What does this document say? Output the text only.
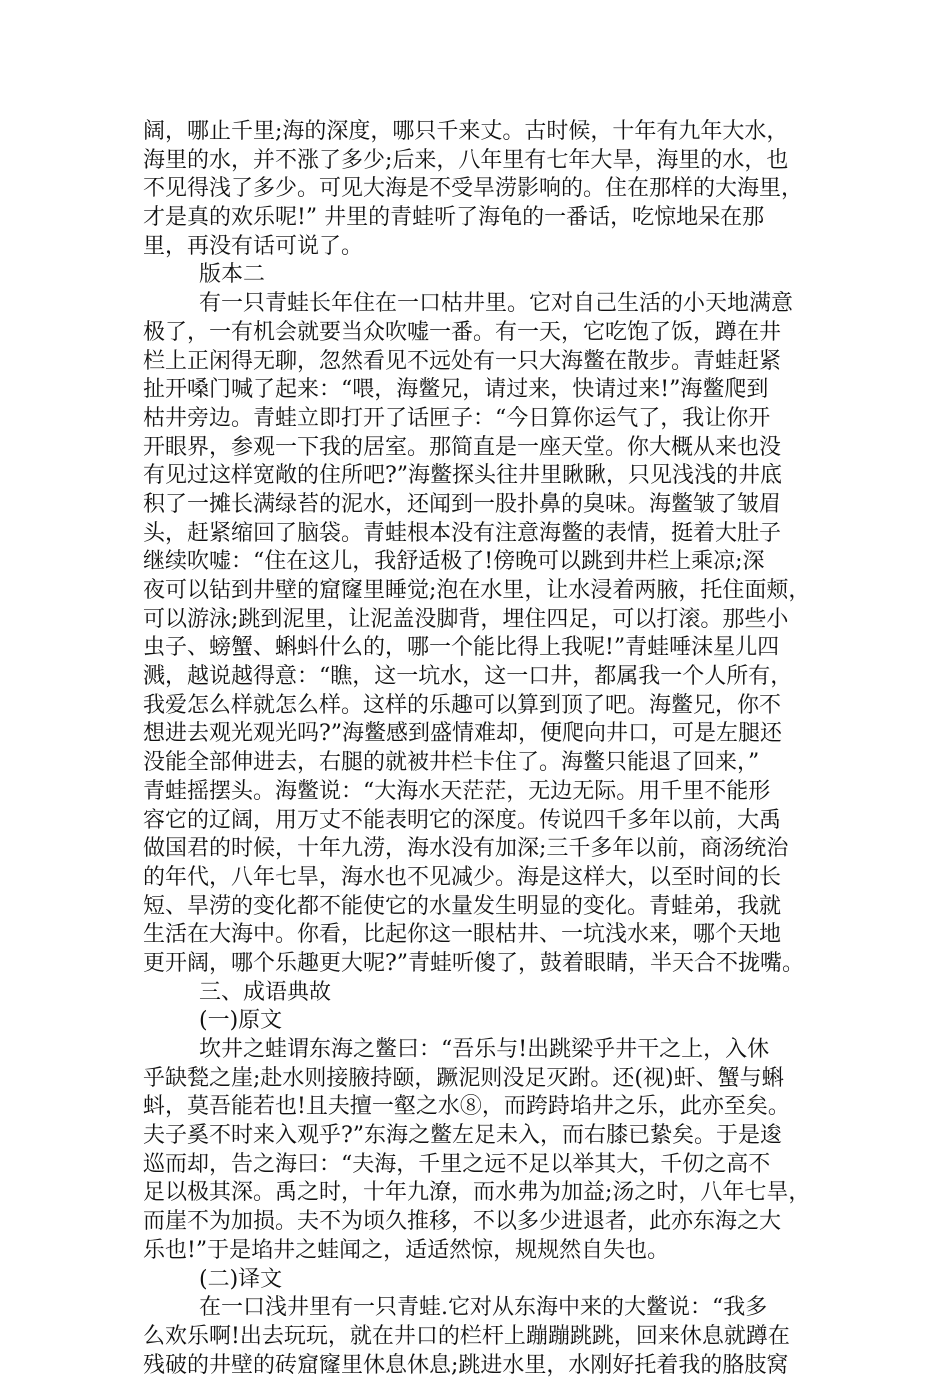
阔，哪止千里;海的深度，哪只千来丈。古时候，十年有九年大水，
海里的水，并不涨了多少;后来，八年里有七年大旱，海里的水，也
不见得浅了多少。可见大海是不受旱涝影响的。住在那样的大海里，
才是真的欢乐呢!” 井里的青蛙听了海龟的一番话，吃惊地呆在那
里，再没有话可说了。
版本二
有一只青蛙长年住在一口枯井里。它对自己生活的小天地满意
极了，一有机会就要当众吹嘘一番。有一天，它吃饱了饭，蹲在井
栏上正闲得无聊，忽然看见不远处有一只大海鳖在散步。青蛙赶紧
扯开嗓门喊了起来：“喂，海鳖兄，请过来，快请过来!”海鳖爬到
枯井旁边。青蛙立即打开了话匣子：“今日算你运气了，我让你开
开眼界，参观一下我的居室。那简直是一座天堂。你大概从来也没
有见过这样宽敞的住所吧?”海鳖探头往井里瞅瞅，只见浅浅的井底
积了一摊长满绿苔的泥水，还闻到一股扑鼻的臭味。海鳖皱了皱眉
头，赶紧缩回了脑袋。青蛙根本没有注意海鳖的表情，挺着大肚子
继续吹嘘：“住在这儿，我舒适极了!傍晚可以跳到井栏上乘凉;深
夜可以钻到井壁的窟窿里睡觉;泡在水里，让水浸着两腋，托住面颊，
可以游泳;跳到泥里，让泥盖没脚背，埋住四足，可以打滚。那些小
虫子、螃蟹、蝌蚪什么的，哪一个能比得上我呢!”青蛙唾沫星儿四
溅，越说越得意：“瞧，这一坑水，这一口井，都属我一个人所有，
我爱怎么样就怎么样。这样的乐趣可以算到顶了吧。海鳖兄，你不
想进去观光观光吗?”海鳖感到盛情难却，便爬向井口，可是左腿还
没能全部伸进去，右腿的就被井栏卡住了。海鳖只能退了回来，”
青蛙摇摆头。海鳖说：“大海水天茫茫，无边无际。用千里不能形
容它的辽阔，用万丈不能表明它的深度。传说四千多年以前，大禹
做国君的时候，十年九涝，海水没有加深;三千多年以前，商汤统治
的年代，八年七旱，海水也不见减少。海是这样大，以至时间的长
短、旱涝的变化都不能使它的水量发生明显的变化。青蛙弟，我就
生活在大海中。你看，比起你这一眼枯井、一坑浅水来，哪个天地
更开阔，哪个乐趣更大呢?”青蛙听傻了，鼓着眼睛，半天合不拢嘴。
三、成语典故
(一)原文
坎井之蛙谓东海之鳖曰：“吾乐与!出跳梁乎井干之上，入休
乎缺甃之崖;赴水则接腋持颐，蹶泥则没足灭跗。还(视)虷、蟹与蝌
蚪，莫吾能若也!且夫擅一壑之水⑧，而跨跱埳井之乐，此亦至矣。
夫子奚不时来入观乎?”东海之鳖左足未入，而右膝已絷矣。于是逡
巡而却，告之海曰：“夫海，千里之远不足以举其大，千仞之高不
足以极其深。禹之时，十年九潦，而水弗为加益;汤之时，八年七旱，
而崖不为加损。夫不为顷久推移，不以多少进退者，此亦东海之大
乐也!”于是埳井之蛙闻之，适适然惊，规规然自失也。
(二)译文
在一口浅井里有一只青蛙.它对从东海中来的大鳖说：“我多
么欢乐啊!出去玩玩，就在井口的栏杆上蹦蹦跳跳，回来休息就蹲在
残破的井壁的砖窟窿里休息休息;跳进水里，水刚好托着我的胳肢窝
